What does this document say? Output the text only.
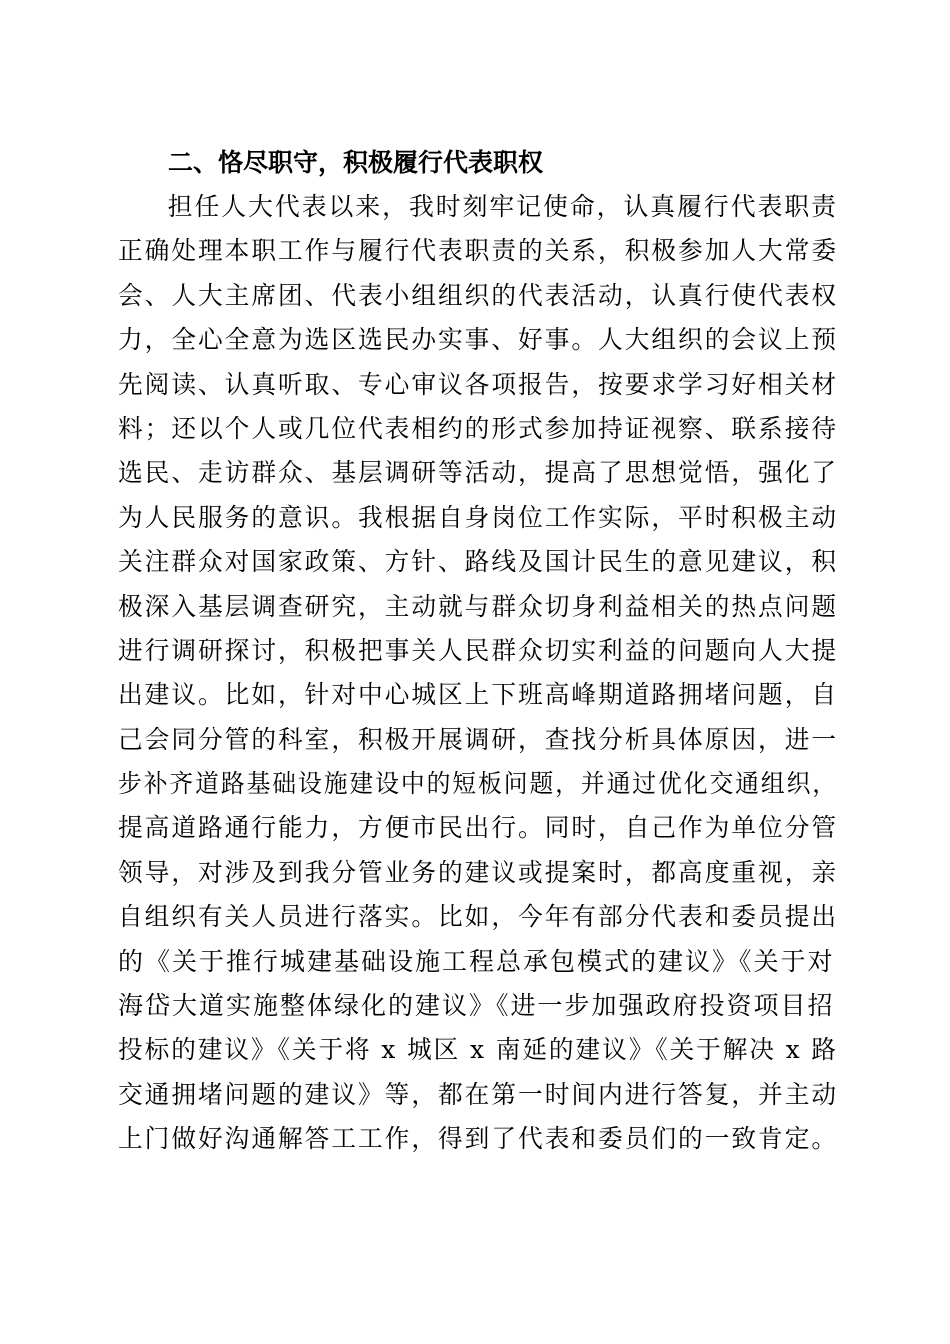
二、恪尽职守，积极履行代表职权
担任人大代表以来，我时刻牢记使命，认真履行代表职责
正确处理本职工作与履行代表职责的关系，积极参加人大常委
会、人大主席团、代表小组组织的代表活动，认真行使代表权
力，全心全意为选区选民办实事、好事。人大组织的会议上预
先阅读、认真听取、专心审议各项报告，按要求学习好相关材
料；还以个人或几位代表相约的形式参加持证视察、联系接待
选民、走访群众、基层调研等活动，提高了思想觉悟，强化了
为人民服务的意识。我根据自身岗位工作实际，平时积极主动
关注群众对国家政策、方针、路线及国计民生的意见建议，积
极深入基层调查研究，主动就与群众切身利益相关的热点问题
进行调研探讨，积极把事关人民群众切实利益的问题向人大提
出建议。比如，针对中心城区上下班高峰期道路拥堵问题，自
己会同分管的科室，积极开展调研，查找分析具体原因，进一
步补齐道路基础设施建设中的短板问题，并通过优化交通组织，
提高道路通行能力，方便市民出行。同时，自己作为单位分管
领导，对涉及到我分管业务的建议或提案时，都高度重视，亲
自组织有关人员进行落实。比如，今年有部分代表和委员提出
的《关于推行城建基础设施工程总承包模式的建议》《关于对
海岱大道实施整体绿化的建议》《进一步加强政府投资项目招
投标的建议》《关于将 x 城区 x 南延的建议》《关于解决 x 路
交通拥堵问题的建议》等，都在第一时间内进行答复，并主动
上门做好沟通解答工工作，得到了代表和委员们的一致肯定。
